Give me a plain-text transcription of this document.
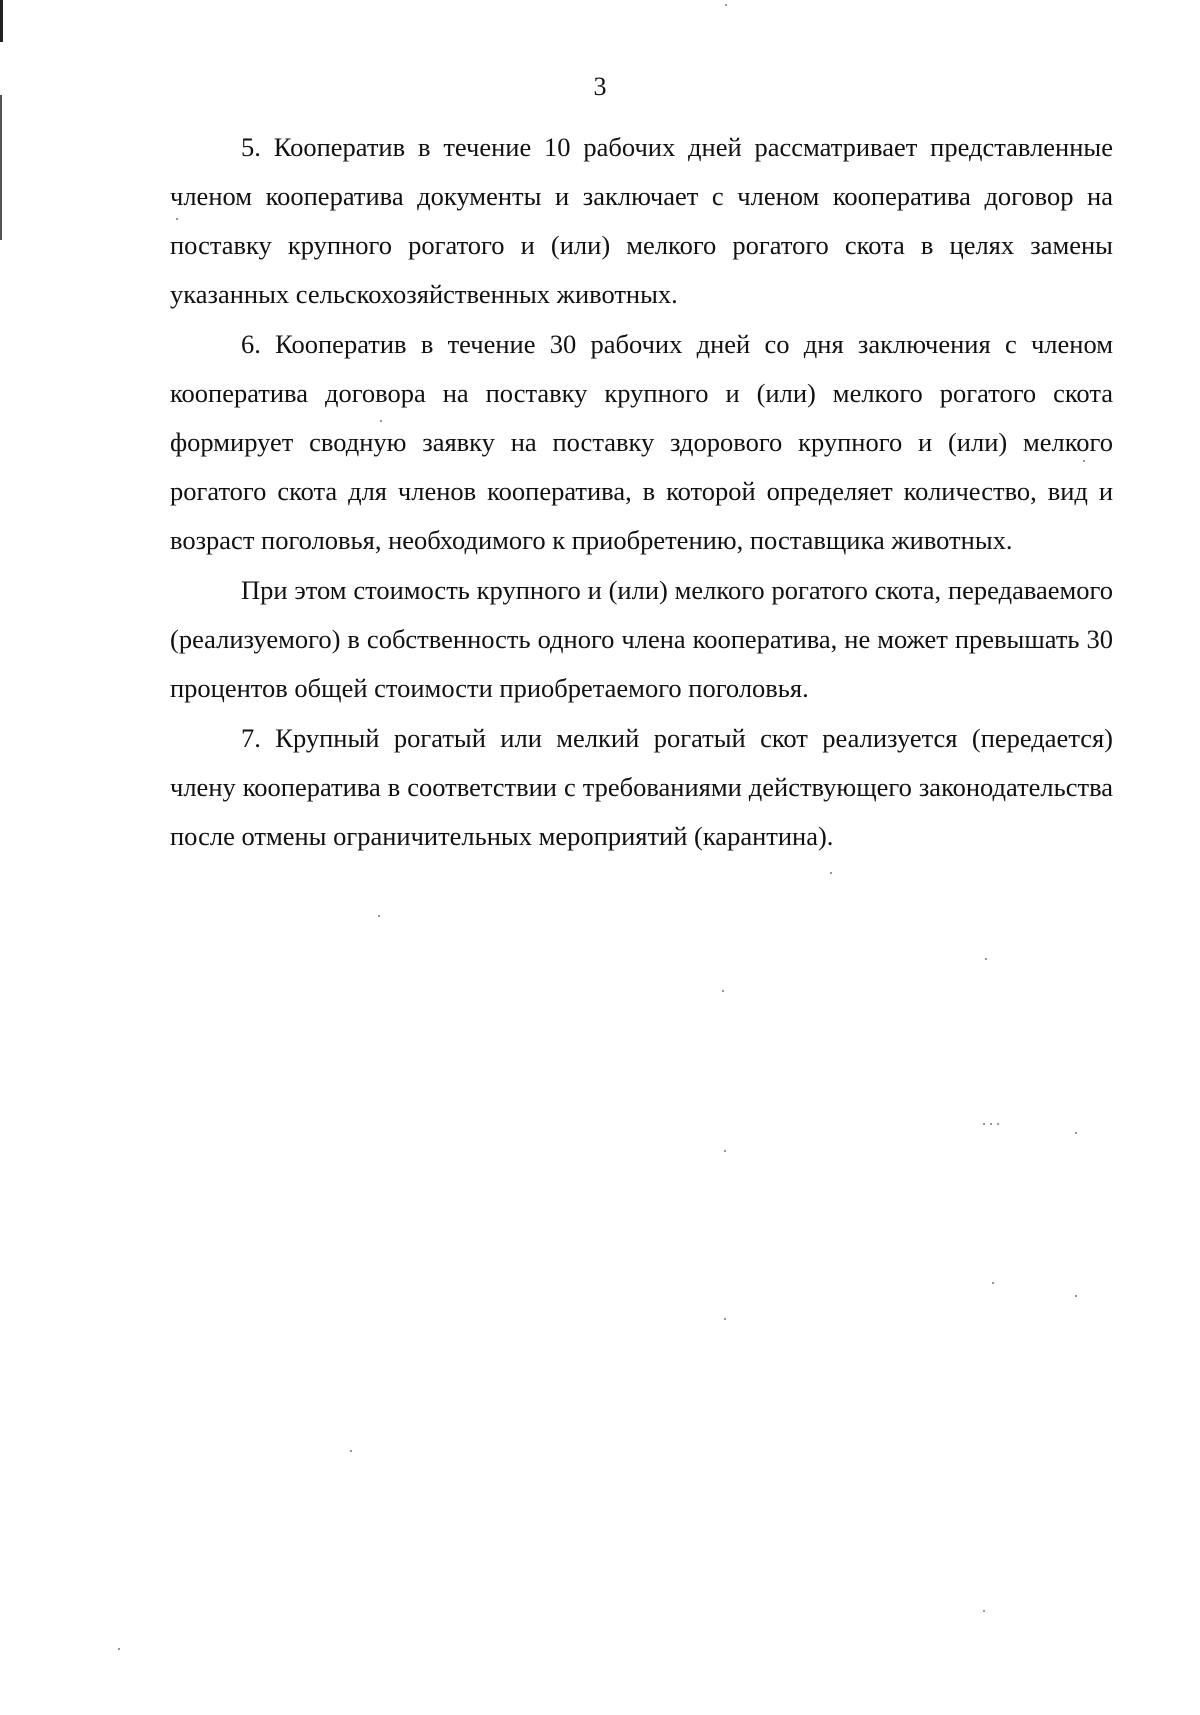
3

5. Кооператив в течение 10 рабочих дней рассматривает представленные членом кооператива документы и заключает с членом кооператива договор на поставку крупного рогатого и (или) мелкого рогатого скота в целях замены указанных сельскохозяйственных животных.

6. Кооператив в течение 30 рабочих дней со дня заключения с членом кооператива договора на поставку крупного и (или) мелкого рогатого скота формирует сводную заявку на поставку здорового крупного и (или) мелкого рогатого скота для членов кооператива, в которой определяет количество, вид и возраст поголовья, необходимого к приобретению, поставщика животных.

При этом стоимость крупного и (или) мелкого рогатого скота, передаваемого (реализуемого) в собственность одного члена кооператива, не может превышать 30 процентов общей стоимости приобретаемого поголовья.

7. Крупный рогатый или мелкий рогатый скот реализуется (передается) члену кооператива в соответствии с требованиями действующего законодательства после отмены ограничительных мероприятий (карантина).
